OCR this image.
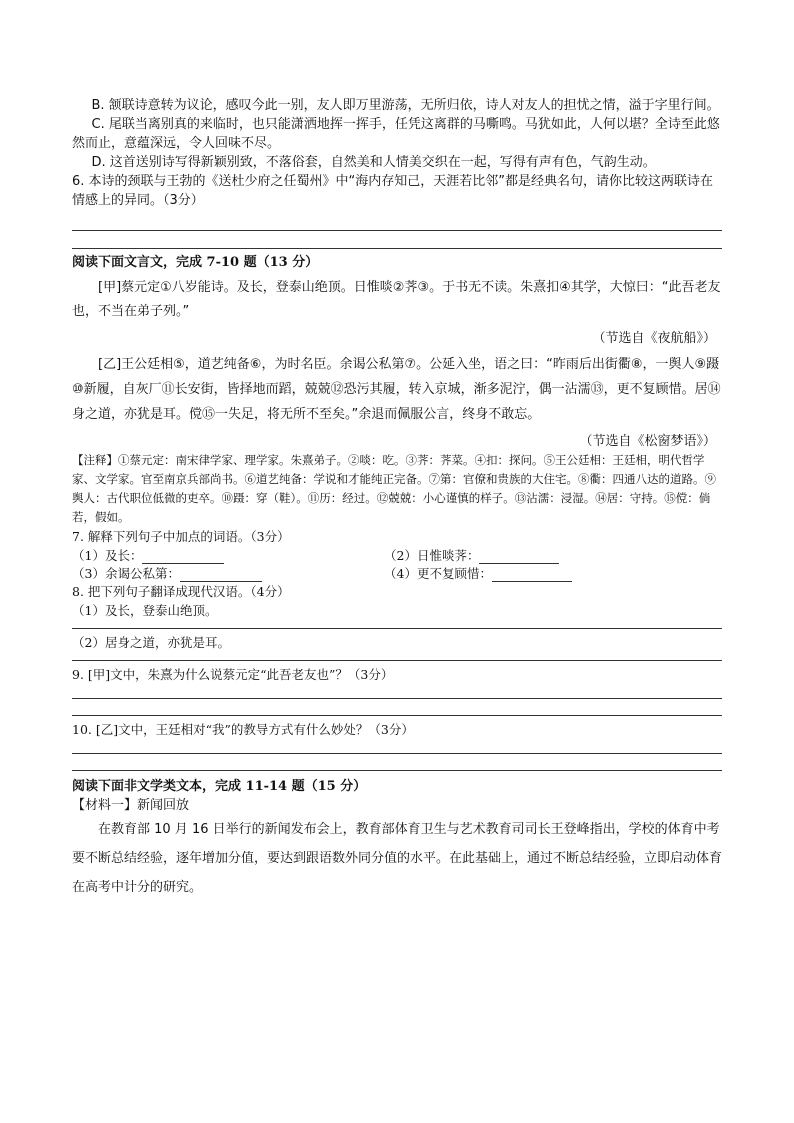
B. 颔联诗意转为议论，感叹今此一别，友人即万里游荡，无所归依，诗人对友人的担忧之情，溢于字里行间。

C. 尾联当离别真的来临时，也只能潇洒地挥一挥手，任凭这离群的马嘶鸣。马犹如此，人何以堪？全诗至此悠然而止，意蕴深远，令人回味不尽。

D. 这首送别诗写得新颖别致，不落俗套，自然美和人情美交织在一起，写得有声有色，气韵生动。

6. 本诗的颈联与王勃的《送杜少府之任蜀州》中“海内存知己，天涯若比邻”都是经典名句，请你比较这两联诗在情感上的异同。（3分）

阅读下面文言文，完成 7-10 题（13 分）

[甲]蔡元定①八岁能诗。及长，登泰山绝顶。日惟啖②荠③。于书无不读。朱熹扣④其学，大惊曰：“此吾老友也，不当在弟子列。”

（节选自《夜航船》）

[乙]王公廷相⑤，道艺纯备⑥，为时名臣。余谒公私第⑦。公延入坐，语之曰：“昨雨后出街衢⑧，一舆人⑨蹑⑩新履，自灰厂⑪长安街，皆择地而蹈，兢兢⑫恐污其履，转入京城，渐多泥泞，偶一沾濡⑬，更不复顾惜。居⑭身之道，亦犹是耳。傥⑮一失足，将无所不至矣。”余退而佩服公言，终身不敢忘。

（节选自《松窗梦语》）

【注释】①蔡元定：南宋律学家、理学家。朱熹弟子。②啖：吃。③荠：荠菜。④扣：探问。⑤王公廷相：王廷相，明代哲学家、文学家。官至南京兵部尚书。⑥道艺纯备：学说和才能纯正完备。⑦第：官僚和贵族的大住宅。⑧衢：四通八达的道路。⑨舆人：古代职位低微的吏卒。⑩蹑：穿（鞋）。⑪历：经过。⑫兢兢：小心谨慎的样子。⑬沾濡：浸湿。⑭居：守持。⑮傥：倘若，假如。

7. 解释下列句子中加点的词语。（3分）

（1）及长：	（2）日惟啖荠：
（3）余谒公私第：	（4）更不复顾惜：

8. 把下列句子翻译成现代汉语。（4分）

（1）及长，登泰山绝顶。

（2）居身之道，亦犹是耳。

9. [甲]文中，朱熹为什么说蔡元定“此吾老友也”？（3分）

10. [乙]文中，王廷相对“我”的教导方式有什么妙处？（3分）

阅读下面非文学类文本，完成 11-14 题（15 分）

【材料一】新闻回放

在教育部 10 月 16 日举行的新闻发布会上，教育部体育卫生与艺术教育司司长王登峰指出，学校的体育中考要不断总结经验，逐年增加分值，要达到跟语数外同分值的水平。在此基础上，通过不断总结经验，立即启动体育在高考中计分的研究。
